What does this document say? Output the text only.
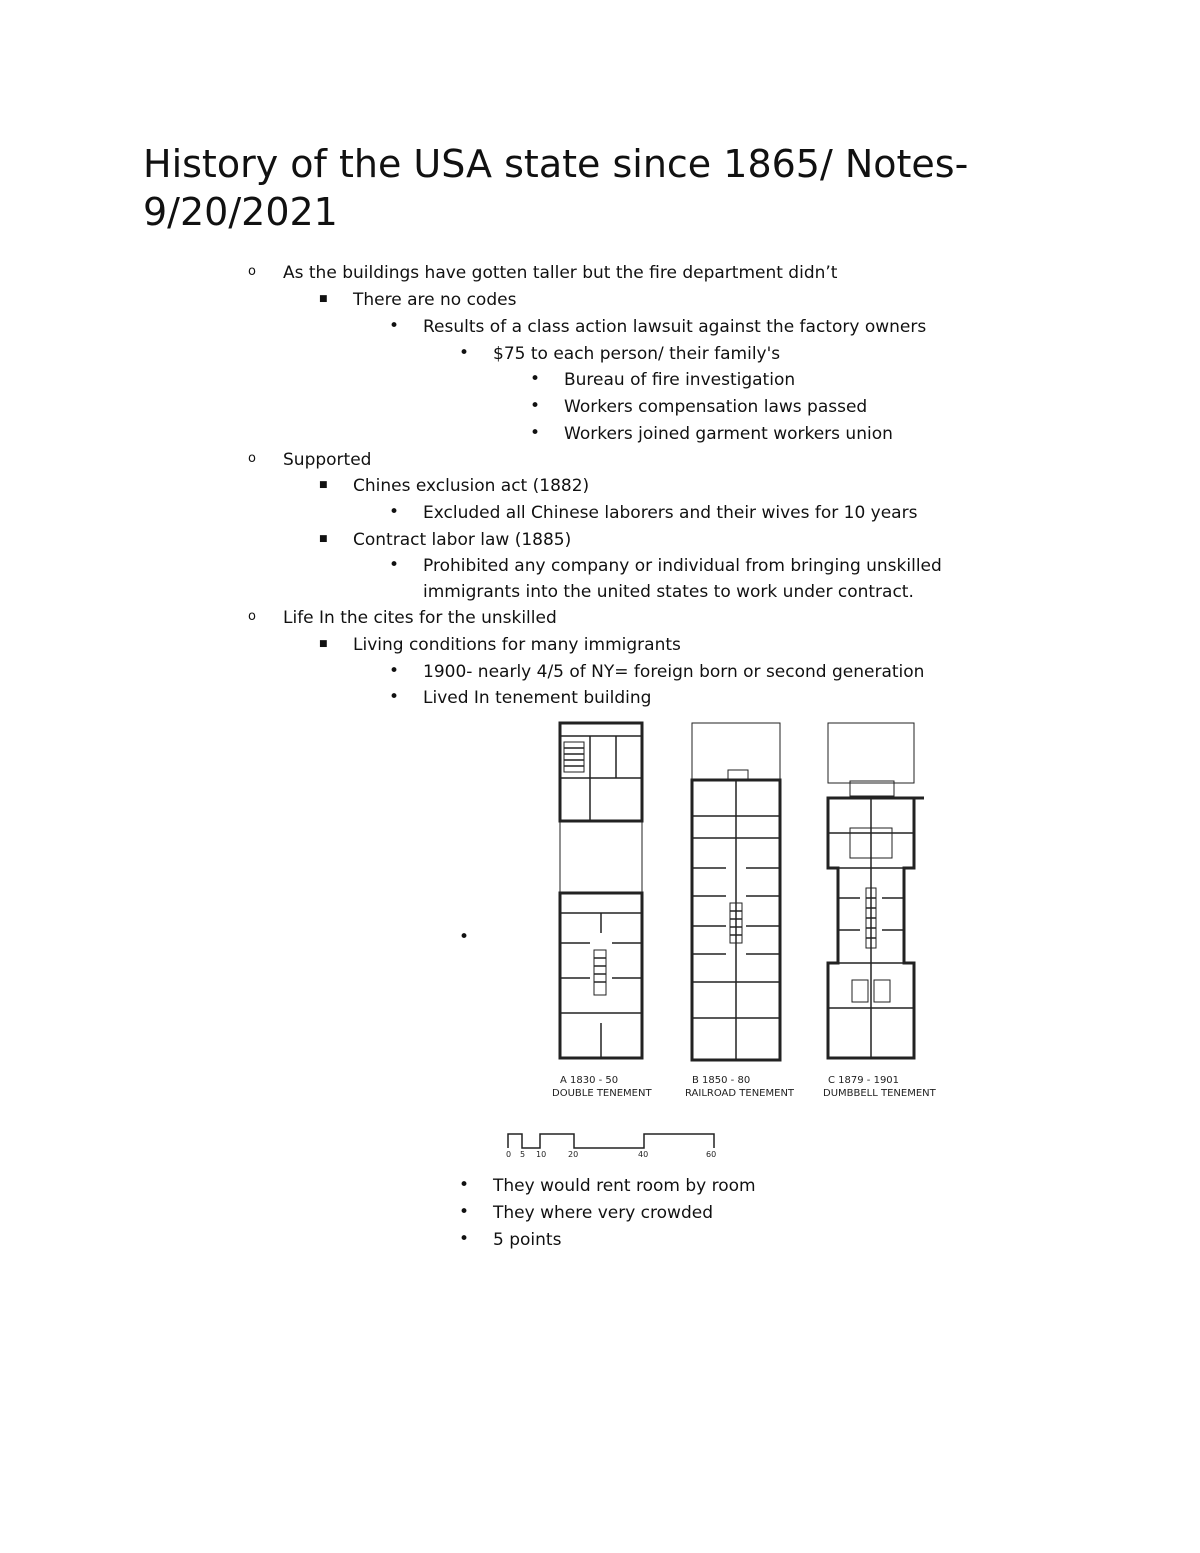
History of the USA state since 1865/ Notes-
9/20/2021
o As the buildings have gotten taller but the fire department didn’t
■ There are no codes
• Results of a class action lawsuit against the factory owners
• $75 to each person/ their family's
• Bureau of fire investigation
• Workers compensation laws passed
• Workers joined garment workers union
o Supported
■ Chines exclusion act (1882)
• Excluded all Chinese laborers and their wives for 10 years
■ Contract labor law (1885)
• Prohibited any company or individual from bringing unskilled
immigrants into the united states to work under contract.
o Life In the cites for the unskilled
■ Living conditions for many immigrants
• 1900- nearly 4/5 of NY= foreign born or second generation
• Lived In tenement building
•
• They would rent room by room
• They where very crowded
• 5 points
A 1830 - 50
DOUBLE TENEMENT
B 1850 - 80
RAILROAD TENEMENT
C 1879 - 1901
DUMBBELL TENEMENT
0 5 10	20	40	60
